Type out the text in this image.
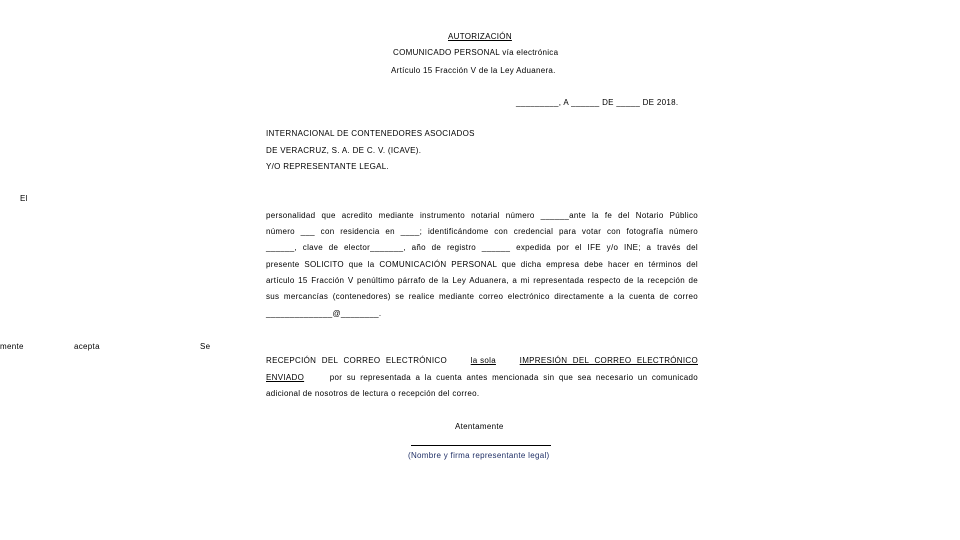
AUTORIZACIÓN
COMUNICADO PERSONAL vía electrónica
Artículo 15 Fracción V de la Ley Aduanera.
_________, A ______ DE _____ DE 2018.
INTERNACIONAL DE CONTENEDORES ASOCIADOS
DE VERACRUZ, S. A. DE C. V. (ICAVE).
Y/O REPRESENTANTE LEGAL.
El
mente	acepta	Se
personalidad que acredito mediante instrumento notarial número ______ante la fe del Notario Público
número ___ con residencia en ____; identificándome con credencial para votar con fotografía número
______, clave de elector_______, año de registro ______ expedida por el IFE y/o INE; a través del
presente SOLICITO que la COMUNICACIÓN PERSONAL que dicha empresa debe hacer en términos del
artículo 15 Fracción V penúltimo párrafo de la Ley Aduanera, a mi representada respecto de la recepción de
sus mercancías (contenedores) se realice mediante correo electrónico directamente a la cuenta de correo
______________@________.
RECEPCIÓN DEL CORREO ELECTRÓNICO	la sola	IMPRESIÓN DEL CORREO ELECTRÓNICO
ENVIADO	por su representada a la cuenta antes mencionada sin que sea necesario un comunicado
adicional de nosotros de lectura o recepción del correo.
Atentamente
(Nombre y firma representante legal)
